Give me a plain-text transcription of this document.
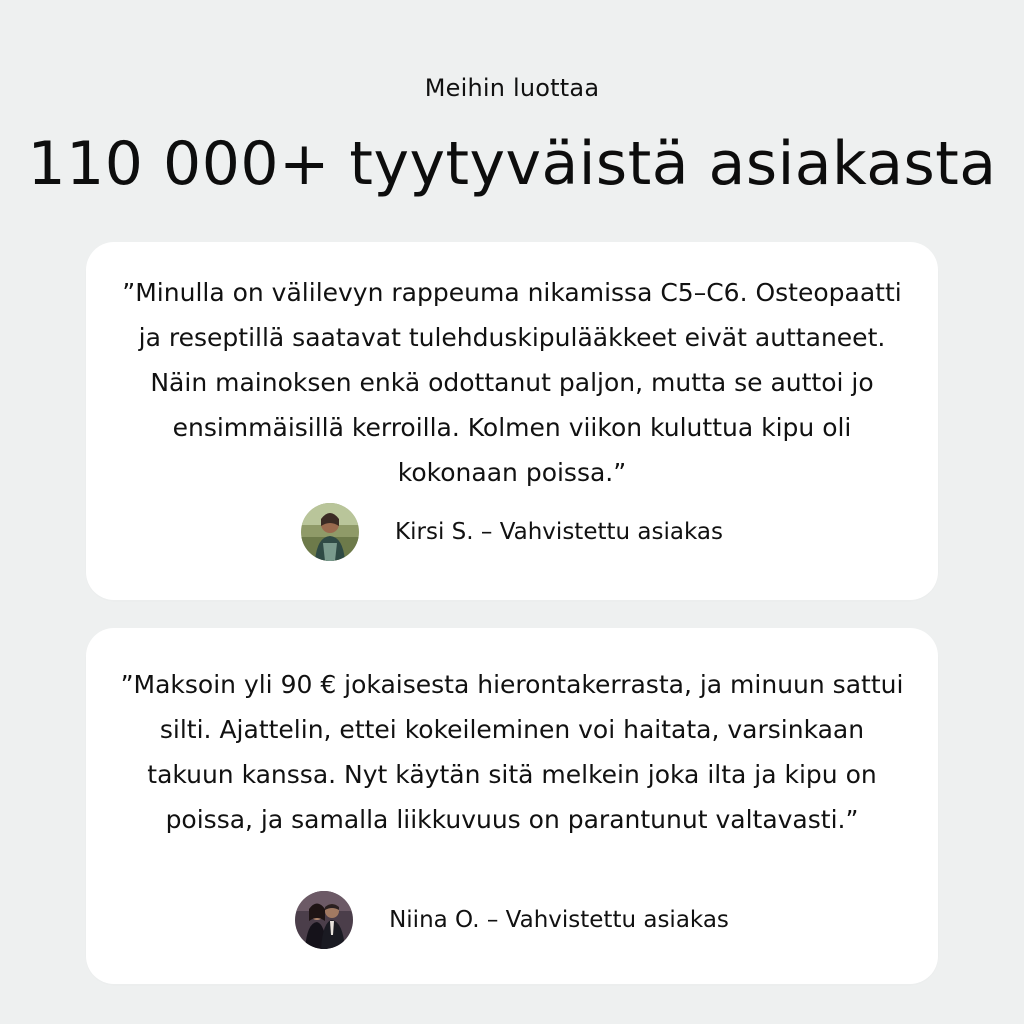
Meihin luottaa
110 000+ tyytyväistä asiakasta
”Minulla on välilevyn rappeuma nikamissa C5–C6. Osteopaatti ja reseptillä saatavat tulehduskipulääkkeet eivät auttaneet. Näin mainoksen enkä odottanut paljon, mutta se auttoi jo ensimmäisillä kerroilla. Kolmen viikon kuluttua kipu oli kokonaan poissa.”
Kirsi S. – Vahvistettu asiakas
”Maksoin yli 90 € jokaisesta hierontakerrasta, ja minuun sattui silti. Ajattelin, ettei kokeileminen voi haitata, varsinkaan takuun kanssa. Nyt käytän sitä melkein joka ilta ja kipu on poissa, ja samalla liikkuvuus on parantunut valtavasti.”
Niina O. – Vahvistettu asiakas
